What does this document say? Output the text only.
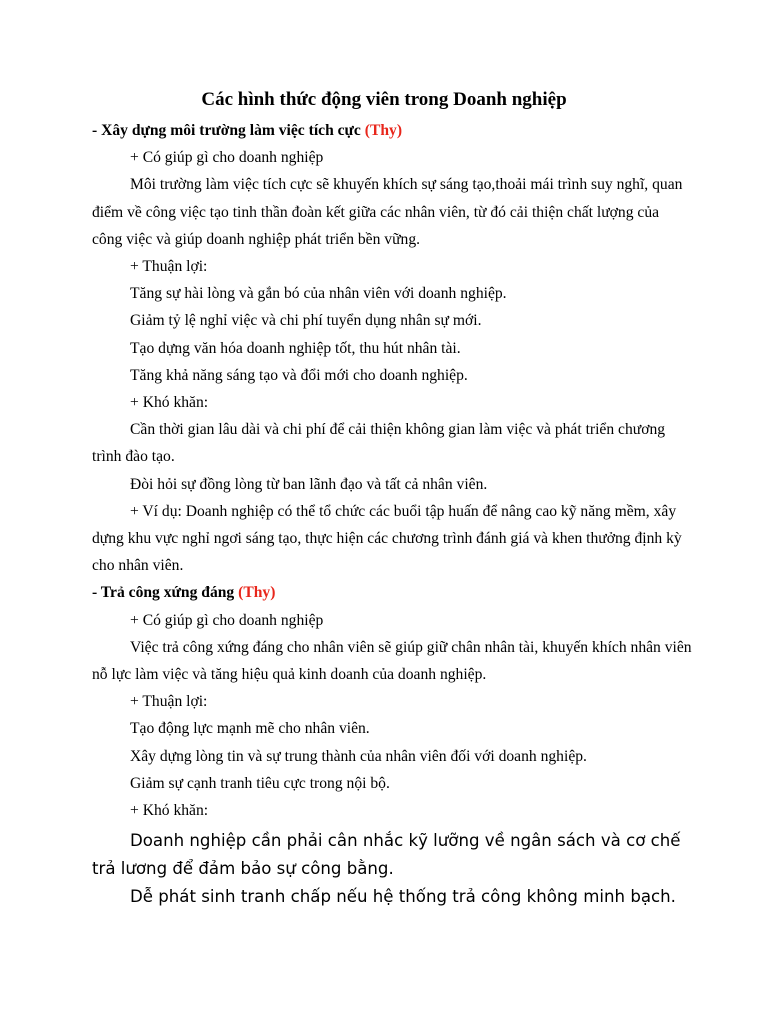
Các hình thức động viên trong Doanh nghiệp

- Xây dựng môi trường làm việc tích cực (Thy)

+ Có giúp gì cho doanh nghiệp

Môi trường làm việc tích cực sẽ khuyến khích sự sáng tạo,thoải mái trình suy nghĩ, quan điểm về công việc tạo tinh thần đoàn kết giữa các nhân viên, từ đó cải thiện chất lượng của công việc và giúp doanh nghiệp phát triển bền vững.

+ Thuận lợi:

Tăng sự hài lòng và gắn bó của nhân viên với doanh nghiệp.

Giảm tỷ lệ nghỉ việc và chi phí tuyển dụng nhân sự mới.

Tạo dựng văn hóa doanh nghiệp tốt, thu hút nhân tài.

Tăng khả năng sáng tạo và đổi mới cho doanh nghiệp.

+ Khó khăn:

Cần thời gian lâu dài và chi phí để cải thiện không gian làm việc và phát triển chương trình đào tạo.

Đòi hỏi sự đồng lòng từ ban lãnh đạo và tất cả nhân viên.

+ Ví dụ: Doanh nghiệp có thể tổ chức các buổi tập huấn để nâng cao kỹ năng mềm, xây dựng khu vực nghỉ ngơi sáng tạo, thực hiện các chương trình đánh giá và khen thưởng định kỳ cho nhân viên.

- Trả công xứng đáng (Thy)

+ Có giúp gì cho doanh nghiệp

Việc trả công xứng đáng cho nhân viên sẽ giúp giữ chân nhân tài, khuyến khích nhân viên nỗ lực làm việc và tăng hiệu quả kinh doanh của doanh nghiệp.

+ Thuận lợi:

Tạo động lực mạnh mẽ cho nhân viên.

Xây dựng lòng tin và sự trung thành của nhân viên đối với doanh nghiệp.

Giảm sự cạnh tranh tiêu cực trong nội bộ.

+ Khó khăn:

Doanh nghiệp cần phải cân nhắc kỹ lưỡng về ngân sách và cơ chế trả lương để đảm bảo sự công bằng.

Dễ phát sinh tranh chấp nếu hệ thống trả công không minh bạch.
